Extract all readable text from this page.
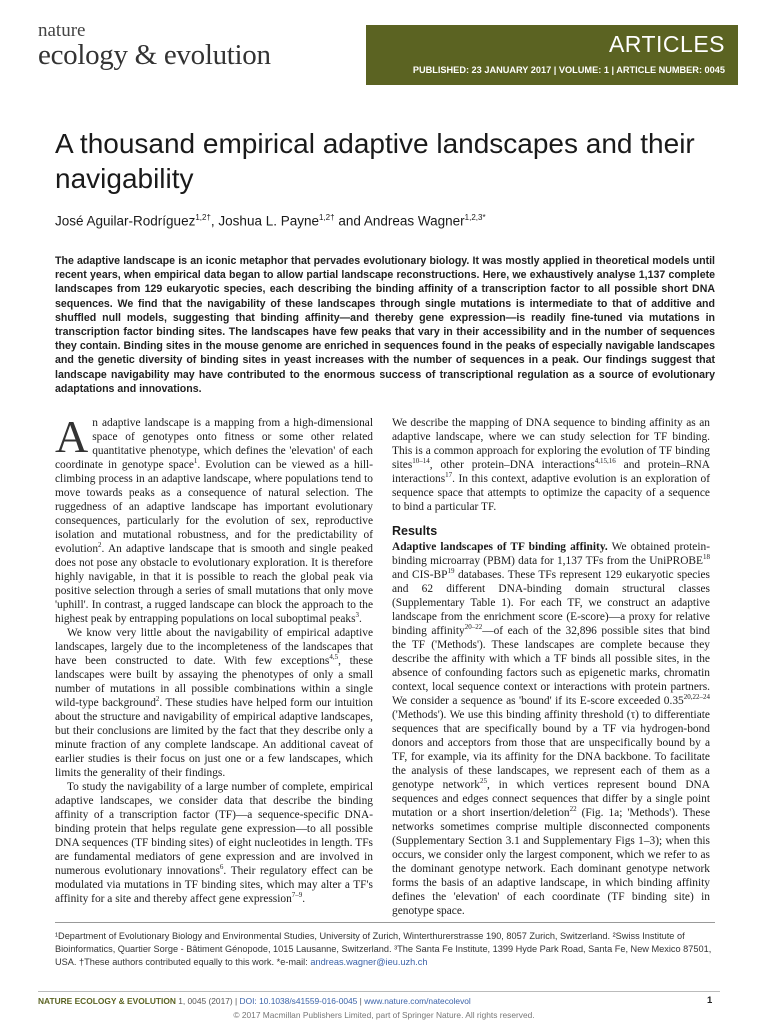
nature
ecology & evolution	ARTICLES
PUBLISHED: 23 JANUARY 2017 | VOLUME: 1 | ARTICLE NUMBER: 0045
A thousand empirical adaptive landscapes and their navigability
José Aguilar-Rodríguez$^{1,2\dagger}$, Joshua L. Payne$^{1,2\dagger}$ and Andreas Wagner$^{1,2,3*}$

The adaptive landscape is an iconic metaphor that pervades evolutionary biology. It was mostly applied in theoretical models until recent years, when empirical data began to allow partial landscape reconstructions. Here, we exhaustively analyse 1,137 complete landscapes from 129 eukaryotic species, each describing the binding affinity of a transcription factor to all possible short DNA sequences. We find that the navigability of these landscapes through single mutations is intermediate to that of additive and shuffled null models, suggesting that binding affinity—and thereby gene expression—is readily fine-tuned via mutations in transcription factor binding sites. The landscapes have few peaks that vary in their accessibility and in the number of sequences they contain. Binding sites in the mouse genome are enriched in sequences found in the peaks of especially navigable landscapes and the genetic diversity of binding sites in yeast increases with the number of sequences in a peak. Our findings suggest that landscape navigability may have contributed to the enormous success of transcriptional regulation as a source of evolutionary adaptations and innovations.

An adaptive landscape is a mapping from a high-dimensional space of genotypes onto fitness or some other related quantitative phenotype, which defines the 'elevation' of each coordinate in genotype space$^1$. Evolution can be viewed as a hill-climbing process in an adaptive landscape, where populations tend to move towards peaks as a consequence of natural selection. The ruggedness of an adaptive landscape has important evolutionary consequences, particularly for the evolution of sex, reproductive isolation and mutational robustness, and for the predictability of evolution$^2$. An adaptive landscape that is smooth and single peaked does not pose any obstacle to evolutionary exploration. It is therefore highly navigable, in that it is possible to reach the global peak via positive selection through a series of small mutations that only move 'uphill'. In contrast, a rugged landscape can block the approach to the highest peak by entrapping populations on local suboptimal peaks$^3$.

We know very little about the navigability of empirical adaptive landscapes, largely due to the incompleteness of the landscapes that have been constructed to date. With few exceptions$^{4,5}$, these landscapes were built by assaying the phenotypes of only a small number of mutations in all possible combinations within a single wild-type background$^2$. These studies have helped form our intuition about the structure and navigability of empirical adaptive landscapes, but their conclusions are limited by the fact that they describe only a minute fraction of any complete landscape. An additional caveat of earlier studies is their focus on just one or a few landscapes, which limits the generality of their findings.

To study the navigability of a large number of complete, empirical adaptive landscapes, we consider data that describe the binding affinity of a transcription factor (TF)—a sequence-specific DNA-binding protein that helps regulate gene expression—to all possible DNA sequences (TF binding sites) of eight nucleotides in length. TFs are fundamental mediators of gene expression and are involved in numerous evolutionary innovations$^6$. Their regulatory effect can be modulated via mutations in TF binding sites, which may alter a TF's affinity for a site and thereby affect gene expression$^{7-9}$.

We describe the mapping of DNA sequence to binding affinity as an adaptive landscape, where we can study selection for TF binding. This is a common approach for exploring the evolution of TF binding sites$^{10-14}$, other protein–DNA interactions$^{4,15,16}$ and protein–RNA interactions$^{17}$. In this context, adaptive evolution is an exploration of sequence space that attempts to optimize the capacity of a sequence to bind a particular TF.

Results

Adaptive landscapes of TF binding affinity. We obtained protein-binding microarray (PBM) data for 1,137 TFs from the UniPROBE$^{18}$ and CIS-BP$^{19}$ databases. These TFs represent 129 eukaryotic species and 62 different DNA-binding domain structural classes (Supplementary Table 1). For each TF, we construct an adaptive landscape from the enrichment score (E-score)—a proxy for relative binding affinity$^{20-22}$—of each of the 32,896 possible sites that bind the TF ('Methods'). These landscapes are complete because they describe the affinity with which a TF binds all possible sites, in the absence of confounding factors such as epigenetic marks, chromatin context, local sequence context or interactions with protein partners. We consider a sequence as 'bound' if its E-score exceeded 0.35$^{20,22-24}$ ('Methods'). We use this binding affinity threshold (τ) to differentiate sequences that are specifically bound by a TF via hydrogen-bond donors and acceptors from those that are unspecifically bound by a TF, for example, via its affinity for the DNA backbone. To facilitate the analysis of these landscapes, we represent each of them as a genotype network$^{25}$, in which vertices represent bound DNA sequences and edges connect sequences that differ by a single point mutation or a short insertion/deletion$^{22}$ (Fig. 1a; 'Methods'). These networks sometimes comprise multiple disconnected components (Supplementary Section 3.1 and Supplementary Figs 1–3); when this occurs, we consider only the largest component, which we refer to as the dominant genotype network. Each dominant genotype network forms the basis of an adaptive landscape, in which binding affinity defines the 'elevation' of each coordinate (TF binding site) in genotype space.

¹Department of Evolutionary Biology and Environmental Studies, University of Zurich, Winterthurerstrasse 190, 8057 Zurich, Switzerland. ²Swiss Institute of Bioinformatics, Quartier Sorge - Bâtiment Génopode, 1015 Lausanne, Switzerland. ³The Santa Fe Institute, 1399 Hyde Park Road, Santa Fe, New Mexico 87501, USA. †These authors contributed equally to this work. *e-mail: andreas.wagner@ieu.uzh.ch

NATURE ECOLOGY & EVOLUTION 1, 0045 (2017) | DOI: 10.1038/s41559-016-0045 | www.nature.com/natecolevol	1
© 2017 Macmillan Publishers Limited, part of Springer Nature. All rights reserved.
